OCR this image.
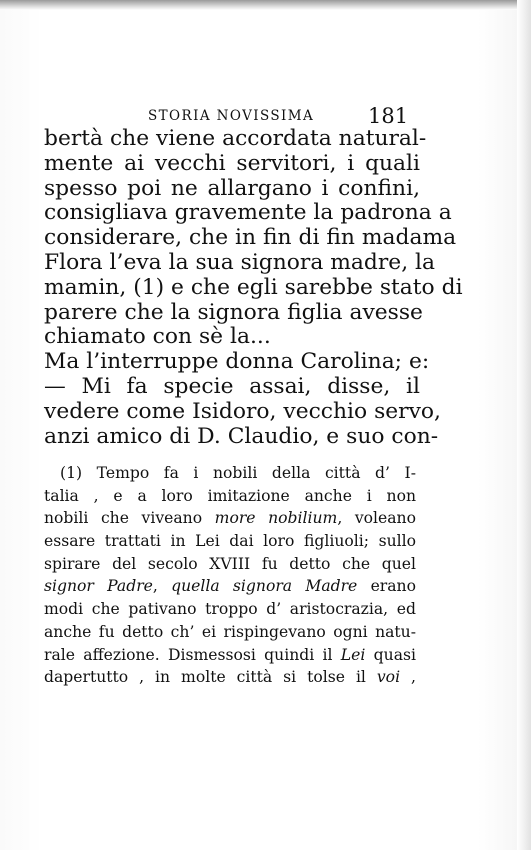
STORIA NOVISSIMA	181
bertà che viene accordata natural-
mente ai vecchi servitori, i quali
spesso poi ne allargano i confini,
consigliava gravemente la padrona a
considerare, che in fin di fin madama
Flora l’eva la sua signora madre, la
mamin, (1) e che egli sarebbe stato di
parere che la signora figlia avesse
chiamato con sè la...
Ma l’interruppe donna Carolina; e:
— Mi fa specie assai, disse, il
vedere come Isidoro, vecchio servo,
anzi amico di D. Claudio, e suo con-
(1) Tempo fa i nobili della città d’ I-
talia , e a loro imitazione anche i non
nobili che viveano more nobilium, voleano
essare trattati in Lei dai loro figliuoli; sullo
spirare del secolo XVIII fu detto che quel
signor Padre, quella signora Madre erano
modi che pativano troppo d’ aristocrazia, ed
anche fu detto ch’ ei rispingevano ogni natu-
rale affezione. Dismessosi quindi il Lei quasi
dapertutto , in molte città si tolse il voi ,
